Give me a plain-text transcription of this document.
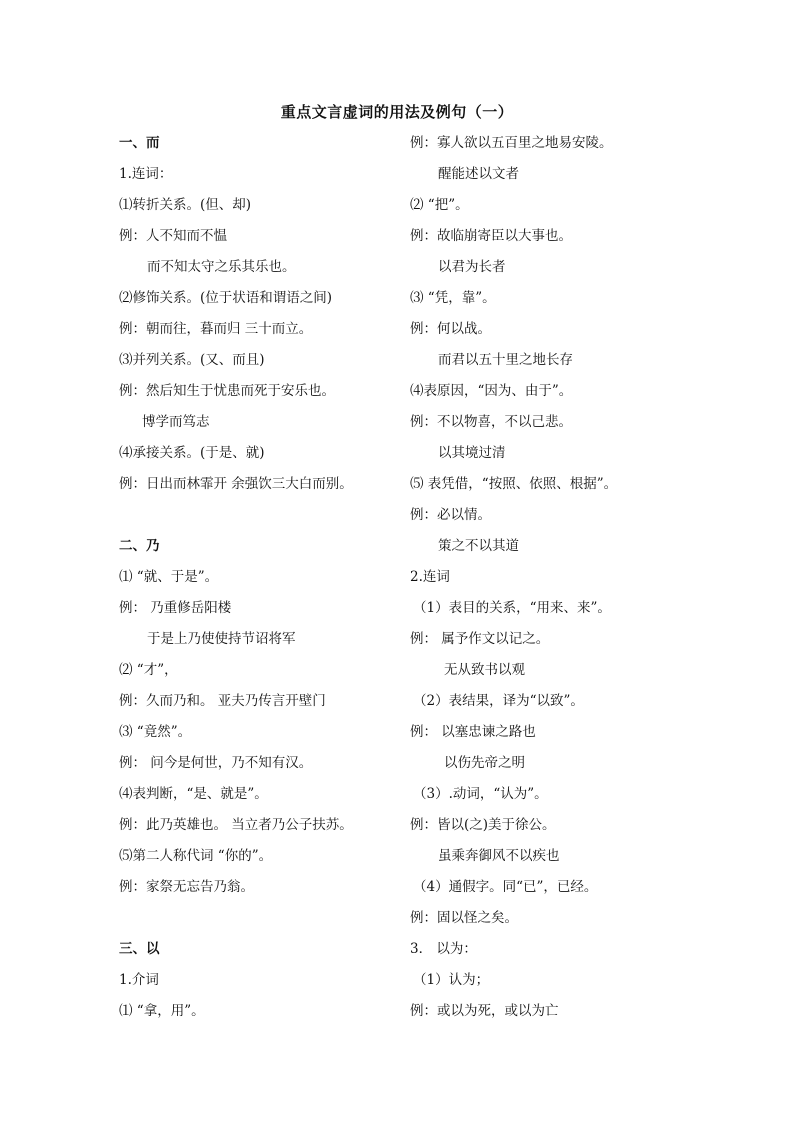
重点文言虚词的用法及例句（一）
一、而
1.连词：
⑴转折关系。(但、却)
例：人不知而不愠
而不知太守之乐其乐也。
⑵修饰关系。(位于状语和谓语之间)
例：朝而往，暮而归 三十而立。
⑶并列关系。(又、而且)
例：然后知生于忧患而死于安乐也。
博学而笃志
⑷承接关系。(于是、就)
例：日出而林霏开 余强饮三大白而别。
二、乃
⑴ “就、于是”。
例： 乃重修岳阳楼
于是上乃使使持节诏将军
⑵ “才”，
例：久而乃和。 亚夫乃传言开壁门
⑶ “竟然”。
例： 问今是何世，乃不知有汉。
⑷表判断，“是、就是”。
例：此乃英雄也。 当立者乃公子扶苏。
⑸第二人称代词 “你的”。
例：家祭无忘告乃翁。
三、以
1.介词
⑴ “拿，用”。
例：寡人欲以五百里之地易安陵。
醒能述以文者
⑵ “把”。
例：故临崩寄臣以大事也。
以君为长者
⑶ “凭，靠”。
例：何以战。
而君以五十里之地长存
⑷表原因，“因为、由于”。
例：不以物喜，不以己悲。
以其境过清
⑸ 表凭借，“按照、依照、根据”。
例：必以情。
策之不以其道
2.连词
（1）表目的关系，“用来、来”。
例： 属予作文以记之。
无从致书以观
（2）表结果，译为“以致”。
例： 以塞忠谏之路也
以伤先帝之明
（3）.动词，“认为”。
例：皆以(之)美于徐公。
虽乘奔御风不以疾也
（4）通假字。同“已”，已经。
例：固以怪之矣。
3． 以为：
（1）认为；
例：或以为死，或以为亡
